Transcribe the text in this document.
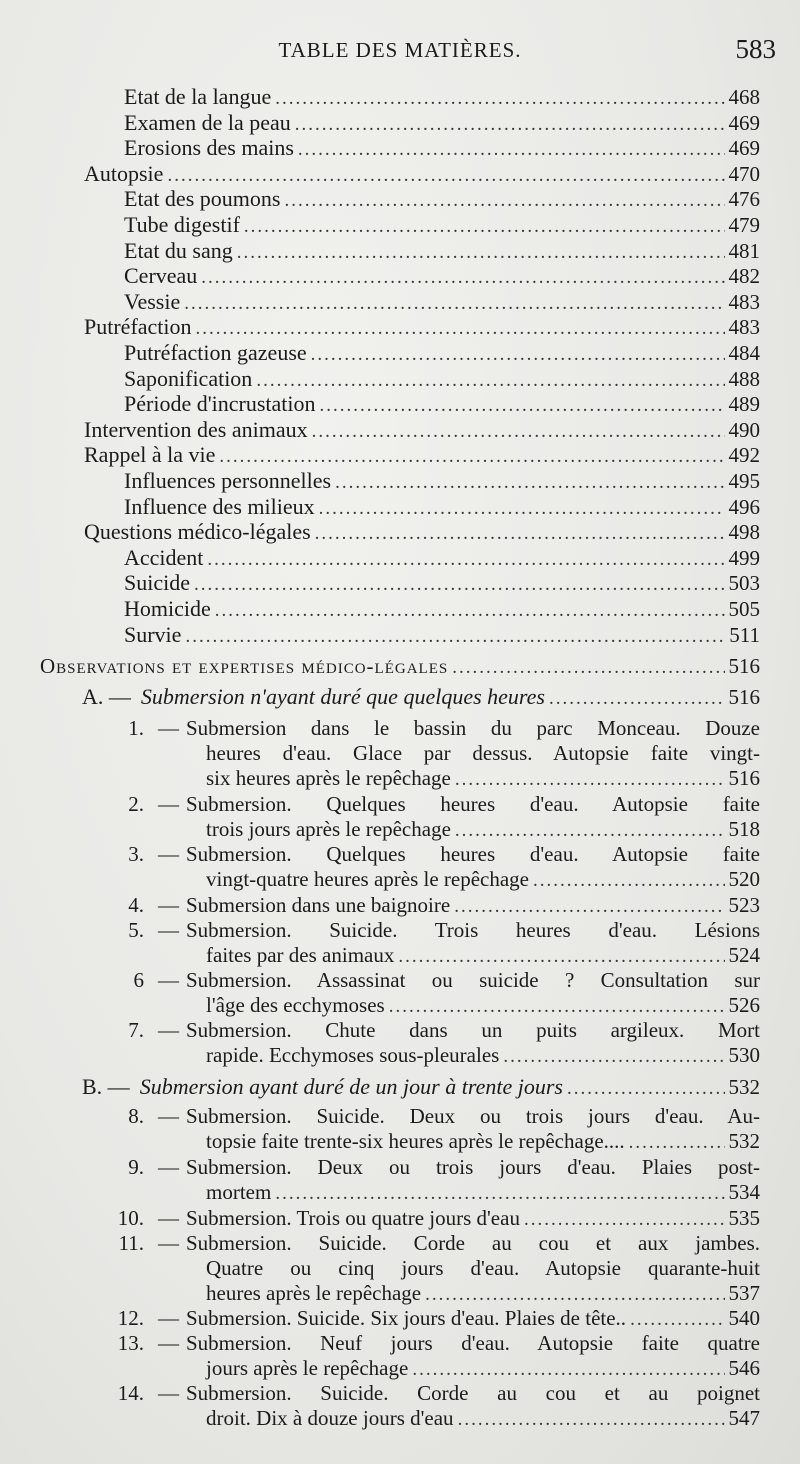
TABLE DES MATIÈRES.	583
Etat de la langue .....	468
Examen de la peau .....	469
Erosions des mains .....	469
Autopsie .....	470
Etat des poumons .....	476
Tube digestif .....	479
Etat du sang .....	481
Cerveau .....	482
Vessie .....	483
Putréfaction .....	483
Putréfaction gazeuse .....	484
Saponification .....	488
Période d'incrustation .....	489
Intervention des animaux .....	490
Rappel à la vie .....	492
Influences personnelles .....	495
Influence des milieux .....	496
Questions médico-légales .....	498
Accident .....	499
Suicide .....	503
Homicide .....	505
Survie .....	511
Observations et expertises médico-légales .....	516
A. — Submersion n'ayant duré que quelques heures .....	516
B. — Submersion ayant duré de un jour à trente jours .....	532
1. — Submersion dans le bassin du parc Monceau. Douze
heures d'eau. Glace par dessus. Autopsie faite vingt-
six heures après le repêchage .....	516
2. — Submersion. Quelques heures d'eau. Autopsie faite
trois jours après le repêchage .....	518
3. — Submersion. Quelques heures d'eau. Autopsie faite
vingt-quatre heures après le repêchage .....	520
4. — Submersion dans une baignoire .....	523
5. — Submersion. Suicide. Trois heures d'eau. Lésions
faites par des animaux .....	524
6 — Submersion. Assassinat ou suicide ? Consultation sur
l'âge des ecchymoses .....	526
7. — Submersion. Chute dans un puits argileux. Mort
rapide. Ecchymoses sous-pleurales .....	530
8. — Submersion. Suicide. Deux ou trois jours d'eau. Au-
topsie faite trente-six heures après le repêchage.... .....	532
9. — Submersion. Deux ou trois jours d'eau. Plaies post-
mortem .....	534
10. — Submersion. Trois ou quatre jours d'eau .....	535
11. — Submersion. Suicide. Corde au cou et aux jambes.
Quatre ou cinq jours d'eau. Autopsie quarante-huit
heures après le repêchage .....	537
12. — Submersion. Suicide. Six jours d'eau. Plaies de tête.. .....	540
13. — Submersion. Neuf jours d'eau. Autopsie faite quatre
jours après le repêchage .....	546
14. — Submersion. Suicide. Corde au cou et au poignet
droit. Dix à douze jours d'eau .....	547
